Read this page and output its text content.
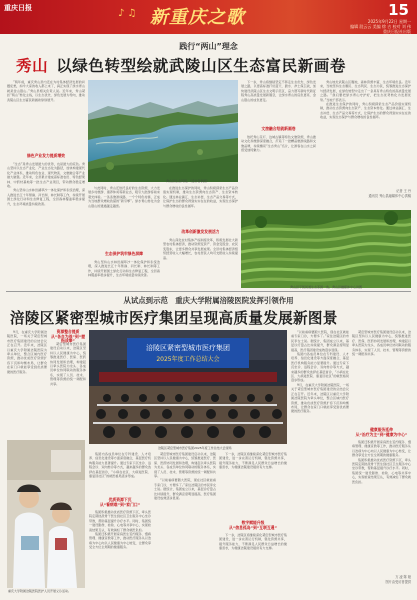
重庆日报	♪ ♫ 新重庆之歌	15
2025年9月22日 星期一
编辑 段云云 美编 徐 吉 校对 刘 伟
重庆日报社出版
践行“两山”理念
秀山 以绿色转型绘就武陵山区生态富民新画卷

”两年前，重庆秀山县内还在为村集体经济发展的问题犯愁，如今大家的收入都上来了，真正实现了绿水青山就是金山银山。”秀山县相关负责人说。近年来，秀山紧扣“两山”转化主线，以生态优先、绿色发展为导向，推动武陵山区生态富民新画卷徐徐展开。

绿色产业发力提质增效

“生态”是秀山发展最大的优势，也是最大的底色。秀山坚持以生态产业化、产业生态化为路径，加快构建现代化产业体系，推动特色农业、现代物流、文旅融合等产业做大做强。近年来，全县累计建成高标准农田、特色经果林、中药材基地等一批生态产业项目，带动群众稳定增收。

秀山坚持山水林田湖草沙一体化保护和系统治理，深入推进长江十年禁渔、河长制、林长制等工作，持续开展国土绿化行动和生态修复工程，全县森林覆盖率稳步提升，生态环境质量持续改善。

秀山县生态风貌。（受访者供图）

与此同时，秀山还依托良好的生态资源，大力发展乡村旅游、康养休闲等新业态，吸引大批游客前来观光体验。一条条旅游线路、一个个特色村寨，正成为当地群众增收致富的“新引擎”。绿水青山转化为金山银山的通道越走越宽。

生态保护筑牢绿色屏障

秀山坚持山水林田湖草沙一体化保护和系统治理，深入推进长江十年禁渔、河长制、林长制等工作，持续开展国土绿化行动和生态修复工程，全县森林覆盖率稳步提升，生态环境质量持续改善。

在推进生态保护的同时，秀山积极探索生态产品价值实现机制，推动生态资源向生态资产、生态资本转化。通过林业碳汇、生态补偿、生态产品交易等方式，让保护生态的群众得到实实在在的收益，实现生态保护与群众增收的良性循环。

改革创新激发发展活力

秀山深化农村集体产权制度改革，积极发展壮大新型农村集体经济，推动资源变资产、资金变股金、农民变股东，让更多群众共享发展成果。全县村集体经济组织经营收入大幅增长，农村居民人均可支配收入持续提高。

下一步，秀山将继续坚定不移走生态优先、绿色发展之路，以更高标准打好蓝天、碧水、净土保卫战，加快建设武陵山区生态文明示范区，奋力谱写新时代新征程秀山高质量发展新篇章，让绿水青山的底色更亮、金山银山的成色更足。

文旅融合绘就新画卷

依托秀山花灯、边城古镇等特色文旅资源，秀山推动文化和旅游深度融合，打造了一批精品旅游线路和文旅品牌，持续擦亮“生态秀山”名片，让游客在山水之间感受独特魅力。

秀山地处武陵山区腹地，森林资源丰富，生态环境优良。近年来，当地坚持生态惠民、生态利民、生态为民，统筹推进生态保护与经济发展，在绿色转型中走出了一条具有秀山特色的高质量发展之路。“我们要把绿水青山守护好，把生态优势转化为发展优势。”当地干部表示。

在推进生态保护的同时，秀山积极探索生态产品价值实现机制，推动生态资源向生态资产、生态资本转化。通过林业碳汇、生态补偿、生态产品交易等方式，让保护生态的群众得到实实在在的收益，实现生态保护与群众增收的良性循环。

记者 王 丹
通讯员 秀山县融媒体中心供稿
秀山县平凯街道生态茶园一角。秀山县融媒体中心供图
从试点到示范　重庆大学附属涪陵医院发挥引领作用
涪陵区紧密型城市医疗集团呈现高质量发展新图景

9月，在重庆大学附属涪陵医院，一场关于紧密型城市医疗集团建设的总结会议正在召开。近年来，涪陵区以重庆大学附属涪陵医院为牵头单位，整合区域内医疗资源，推动优质医疗资源扩容下沉和均衡布局，让群众在家门口就能享受到优质便捷的医疗服务。

重庆大学附属涪陵医院医护人员开展义诊活动。
资源整合提质
从“各自为战”到“握指成拳”

紧密型城市医疗集团建设启动以来，涪陵区坚持以人民健康为中心，统筹推进医疗、医保、医药协同发展和治理，构建起以牵头医院为龙头、各成员单位协同联动的服务体系，实现了人员、技术、管理等资源的统一调配和共享。

涪陵区紧密型城市医疗集团
2025年度工作总结大会
涪陵区紧密型城市医疗集团2025年度工作总结大会现场

集团内各成员单位在专科建设、人才培养、信息化建设等方面深度融合，基层医疗机构服务能力显著提升。通过专家下沉坐诊、远程会诊、双向转诊等方式，越来越多的群众选择在基层首诊，“小病在社区、大病进医院、康复回社区”的就医格局逐步形成。

优质资源下沉
从“看病难”到“家门口”

集团积极推动优质医疗资源下沉，牵头医院定期选派骨干医生到社区卫生服务中心坐诊带教，帮助基层提升诊疗水平。同时，集团统一建设影像、检验、心电等共享中心，实现检查结果互认，有效减轻了群众就医负担。

集团还积极开展家庭医生签约服务、慢病管理、健康宣教等工作，推动医疗服务从以治病为中心向以人民健康为中心转变，让群众享受全方位全周期的健康服务。

紧密型城市医疗集团建设启动以来，涪陵区坚持以人民健康为中心，统筹推进医疗、医保、医药协同发展和治理，构建起以牵头医院为龙头、各成员单位协同联动的服务体系，实现了人员、技术、管理等资源的统一调配和共享。

“以前看病要跑大医院，现在社区就能看专家门诊，方便多了。”家住涪陵区的市民李女士说。据统计，集团成立以来，基层诊疗量占比持续提升，群众满意度明显提高，医疗集团建设成效逐步显现。

下一步，涪陵区将继续深化紧密型城市医疗集团建设，进一步完善运行机制，强化资源共享，提升服务能力，不断满足人民群众日益增长的健康需求，为健康涪陵建设提供有力支撑。

数字赋能升级
从“信息孤岛”到“互联互通”

下一步，涪陵区将继续深化紧密型城市医疗集团建设，进一步完善运行机制，强化资源共享，提升服务能力，不断满足人民群众日益增长的健康需求，为健康涪陵建设提供有力支撑。

“以前看病要跑大医院，现在社区就能看专家门诊，方便多了。”家住涪陵区的市民李女士说。据统计，集团成立以来，基层诊疗量占比持续提升，群众满意度明显提高，医疗集团建设成效逐步显现。

集团内各成员单位在专科建设、人才培养、信息化建设等方面深度融合，基层医疗机构服务能力显著提升。通过专家下沉坐诊、远程会诊、双向转诊等方式，越来越多的群众选择在基层首诊，“小病在社区、大病进医院、康复回社区”的就医格局逐步形成。

9月，在重庆大学附属涪陵医院，一场关于紧密型城市医疗集团建设的总结会议正在召开。近年来，涪陵区以重庆大学附属涪陵医院为牵头单位，整合区域内医疗资源，推动优质医疗资源扩容下沉和均衡布局，让群众在家门口就能享受到优质便捷的医疗服务。

紧密型城市医疗集团建设启动以来，涪陵区坚持以人民健康为中心，统筹推进医疗、医保、医药协同发展和治理，构建起以牵头医院为龙头、各成员单位协同联动的服务体系，实现了人员、技术、管理等资源的统一调配和共享。

健康服务延伸
从“治疗为主”到“健康为中心”

集团还积极开展家庭医生签约服务、慢病管理、健康宣教等工作，推动医疗服务从以治病为中心向以人民健康为中心转变，让群众享受全方位全周期的健康服务。

集团积极推动优质医疗资源下沉，牵头医院定期选派骨干医生到社区卫生服务中心坐诊带教，帮助基层提升诊疗水平。同时，集团统一建设影像、检验、心电等共享中心，实现检查结果互认，有效减轻了群众就医负担。

万 凌 陈 娅
图片由受访者提供
